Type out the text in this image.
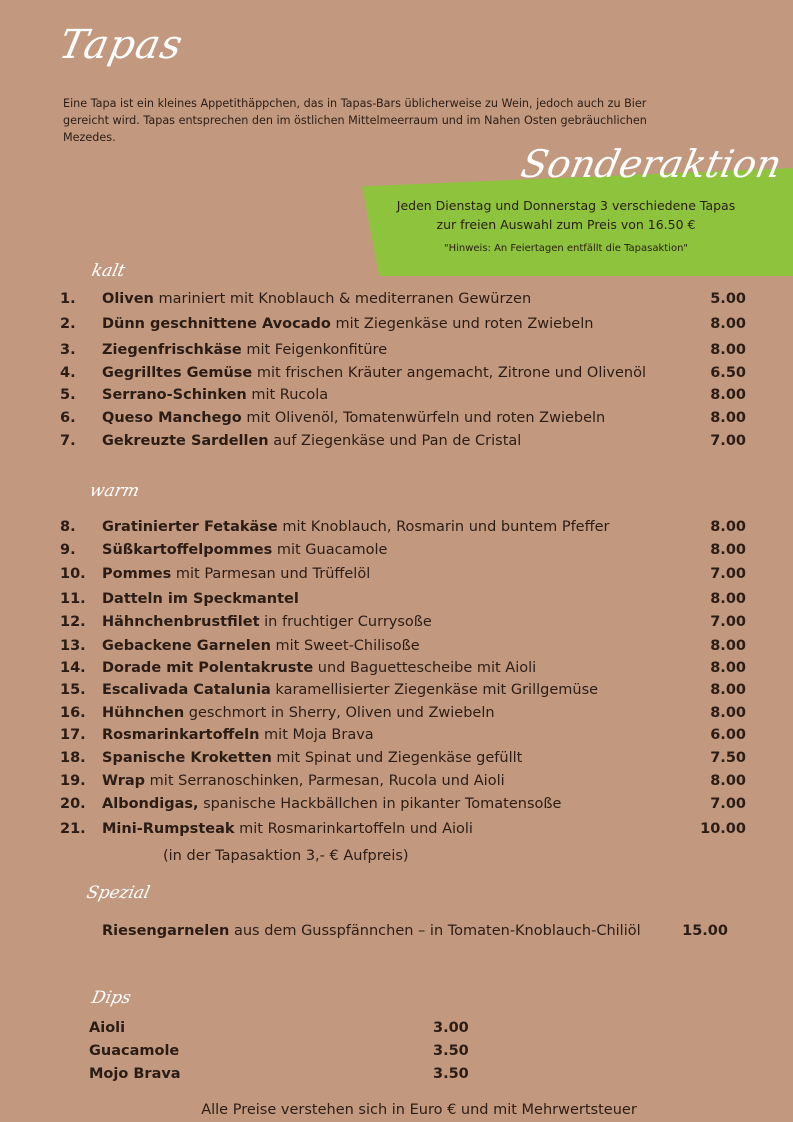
Tapas
Eine Tapa ist ein kleines Appetithäppchen, das in Tapas-Bars üblicherweise zu Wein, jedoch auch zu Bier gereicht wird. Tapas entsprechen den im östlichen Mittelmeerraum und im Nahen Osten gebräuchlichen Mezedes.
Sonderaktion
Jeden Dienstag und Donnerstag 3 verschiedene Tapas zur freien Auswahl zum Preis von 16.50 €
"Hinweis: An Feiertagen entfällt die Tapasaktion"
kalt
1.	Oliven mariniert mit Knoblauch & mediterranen Gewürzen	5.00
2.	Dünn geschnittene Avocado mit Ziegenkäse und roten Zwiebeln	8.00
3.	Ziegenfrischkäse mit Feigenkonfitüre	8.00
4.	Gegrilltes Gemüse mit frischen Kräuter angemacht, Zitrone und Olivenöl	6.50
5.	Serrano-Schinken mit Rucola	8.00
6.	Queso Manchego mit Olivenöl, Tomatenwürfeln und roten Zwiebeln	8.00
7.	Gekreuzte Sardellen auf Ziegenkäse und Pan de Cristal	7.00
warm
8.	Gratinierter Fetakäse mit Knoblauch, Rosmarin und buntem Pfeffer	8.00
9.	Süßkartoffelpommes mit Guacamole	8.00
10.	Pommes mit Parmesan und Trüffelöl	7.00
11.	Datteln im Speckmantel	8.00
12.	Hähnchenbrustfilet in fruchtiger Currysoße	7.00
13.	Gebackene Garnelen mit Sweet-Chilisoße	8.00
14.	Dorade mit Polentakruste und Baguettescheibe mit Aioli	8.00
15.	Escalivada Catalunia karamellisierter Ziegenkäse mit Grillgemüse	8.00
16.	Hühnchen geschmort in Sherry, Oliven und Zwiebeln	8.00
17.	Rosmarinkartoffeln mit Moja Brava	6.00
18.	Spanische Kroketten mit Spinat und Ziegenkäse gefüllt	7.50
19.	Wrap mit Serranoschinken, Parmesan, Rucola und Aioli	8.00
20.	Albondigas, spanische Hackbällchen in pikanter Tomatensoße	7.00
21.	Mini-Rumpsteak mit Rosmarinkartoffeln und Aioli	10.00
(in der Tapasaktion 3,- € Aufpreis)
Spezial
Riesengarnelen aus dem Gusspfännchen – in Tomaten-Knoblauch-Chiliöl	15.00
Dips
Aioli	3.00
Guacamole	3.50
Mojo Brava	3.50
Alle Preise verstehen sich in Euro € und mit Mehrwertsteuer
